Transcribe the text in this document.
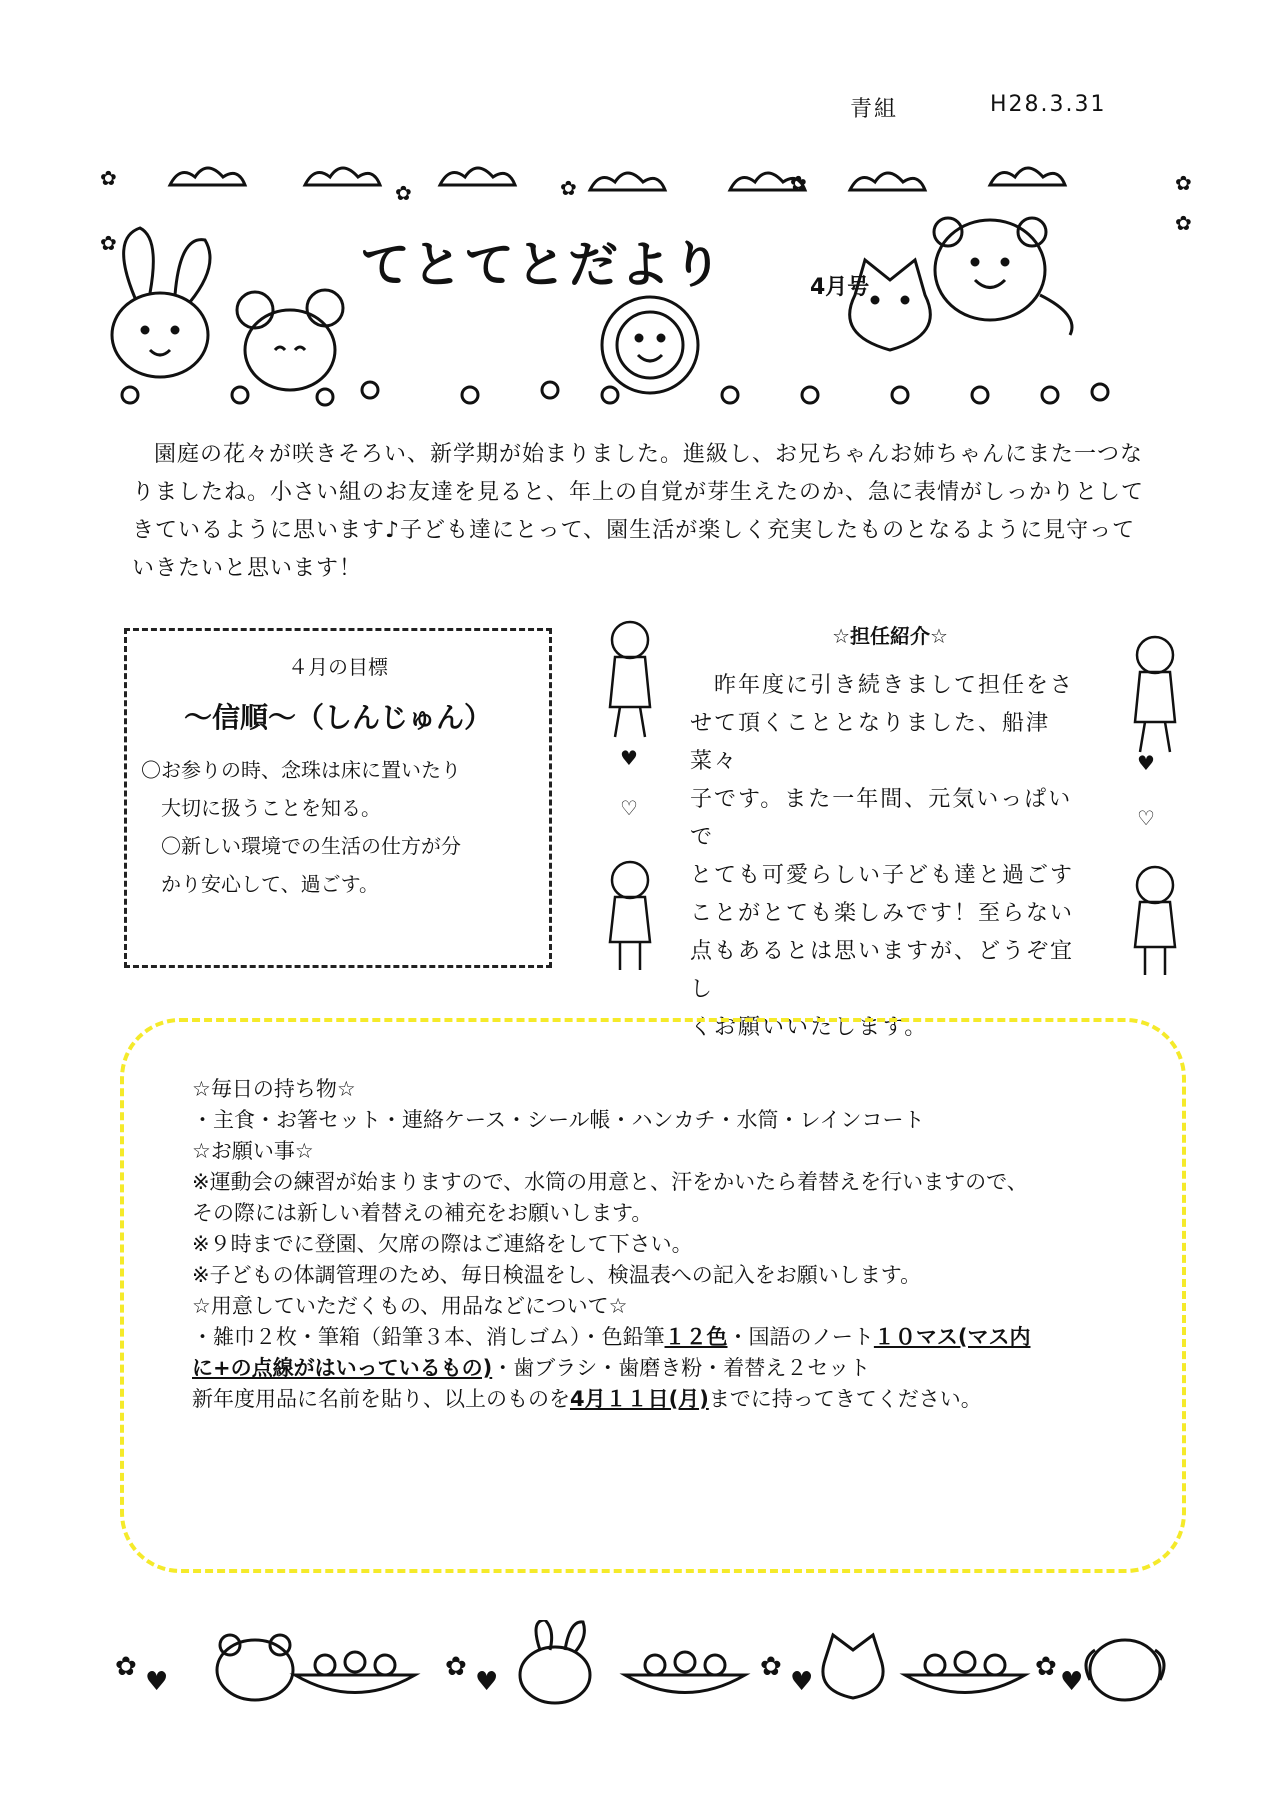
青組	H28.3.31
✿
✿	✿	✿	✿
✿
✿	てとてとだより	4月号
園庭の花々が咲きそろい、新学期が始まりました。進級し、お兄ちゃんお姉ちゃんにまた一つな
りましたね。小さい組のお友達を見ると、年上の自覚が芽生えたのか、急に表情がしっかりとして
きているように思います♪子ども達にとって、園生活が楽しく充実したものとなるように見守って
いきたいと思います！
４月の目標
～信順～（しんじゅん）
〇お参りの時、念珠は床に置いたり
　大切に扱うことを知る。
　〇新しい環境での生活の仕方が分
　かり安心して、過ごす。
♥
♡
♥
♡
☆担任紹介☆
　昨年度に引き続きまして担任をさ
せて頂くこととなりました、船津菜々
子です。また一年間、元気いっぱいで
とても可愛らしい子ども達と過ごす
ことがとても楽しみです！至らない
点もあるとは思いますが、どうぞ宜し
くお願いいたします。
☆毎日の持ち物☆
・主食・お箸セット・連絡ケース・シール帳・ハンカチ・水筒・レインコート
☆お願い事☆
※運動会の練習が始まりますので、水筒の用意と、汗をかいたら着替えを行いますので、
その際には新しい着替えの補充をお願いします。
※９時までに登園、欠席の際はご連絡をして下さい。
※子どもの体調管理のため、毎日検温をし、検温表への記入をお願いします。
☆用意していただくもの、用品などについて☆
・雑巾２枚・筆箱（鉛筆３本、消しゴム）・色鉛筆１２色・国語のノート１０マス(マス内
に+の点線がはいっているもの)・歯ブラシ・歯磨き粉・着替え２セット
新年度用品に名前を貼り、以上のものを4月１１日(月)までに持ってきてください。
✿ ♥	✿ ♥	✿ ♥	✿ ♥
